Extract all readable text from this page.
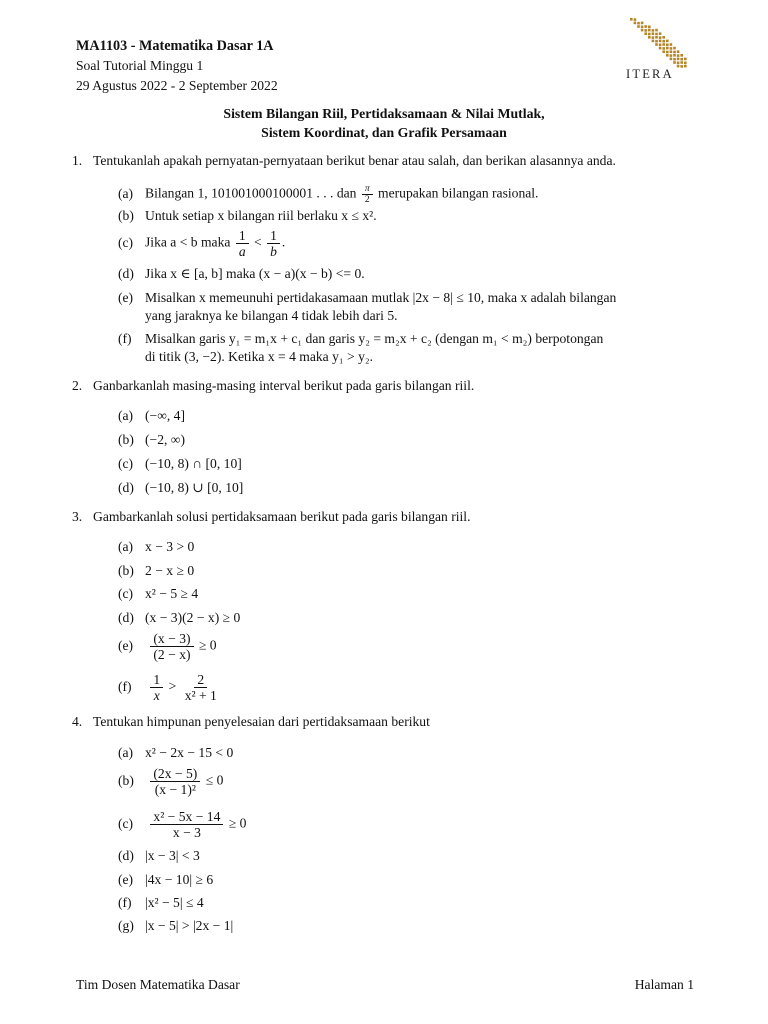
MA1103 - Matematika Dasar 1A
Soal Tutorial Minggu 1
29 Agustus 2022 - 2 September 2022
ITERA
Sistem Bilangan Riil, Pertidaksamaan & Nilai Mutlak,
Sistem Koordinat, dan Grafik Persamaan
1. Tentukanlah apakah pernyatan-pernyataan berikut benar atau salah, dan berikan alasannya anda.
(a) Bilangan 1, 101001000100001 . . . dan $\frac{\pi}{2}$ merupakan bilangan rasional.
(b) Untuk setiap x bilangan riil berlaku x ≤ x².
(c) Jika a < b maka $\frac{1}{a} < \frac{1}{b}$ .
(d) Jika x ∈ [a, b] maka (x − a)(x − b) <= 0.
(e) Misalkan x memeunuhi pertidakasamaan mutlak |2x − 8| ≤ 10, maka x adalah bilangan
yang jaraknya ke bilangan 4 tidak lebih dari 5.
(f) Misalkan garis y₁ = m₁x + c₁ dan garis y₂ = m₂x + c₂ (dengan m₁ < m₂) berpotongan
di titik (3, −2). Ketika x = 4 maka y₁ > y₂.
2. Ganbarkanlah masing-masing interval berikut pada garis bilangan riil.
(a) (−∞, 4]
(b) (−2, ∞)
(c) (−10, 8) ∩ [0, 10]
(d) (−10, 8) ∪ [0, 10]
3. Gambarkanlah solusi pertidaksamaan berikut pada garis bilangan riil.
(a) x − 3 > 0
(b) 2 − x ≥ 0
(c) x² − 5 ≥ 4
(d) (x − 3)(2 − x) ≥ 0
$(e) \frac{(x - 3)}{(2 - x)} \ge 0$
$(f) \frac{1}{x} > \frac{2}{\text{x² + 1}}$
4. Tentukan himpunan penyelesaian dari pertidaksamaan berikut
(a) x² − 2x − 15 < 0
$(b) \frac{(2x - 5)}{\text{(x − 1)²}} \le 0$
$(c) \frac{\text{x² − 5x − 14}}{x - 3} \ge 0$
(d) |x − 3| < 3
(e) |4x − 10| ≥ 6
(f) |x² − 5| ≤ 4
(g) |x − 5| > |2x − 1|
Tim Dosen Matematika Dasar	Halaman 1
